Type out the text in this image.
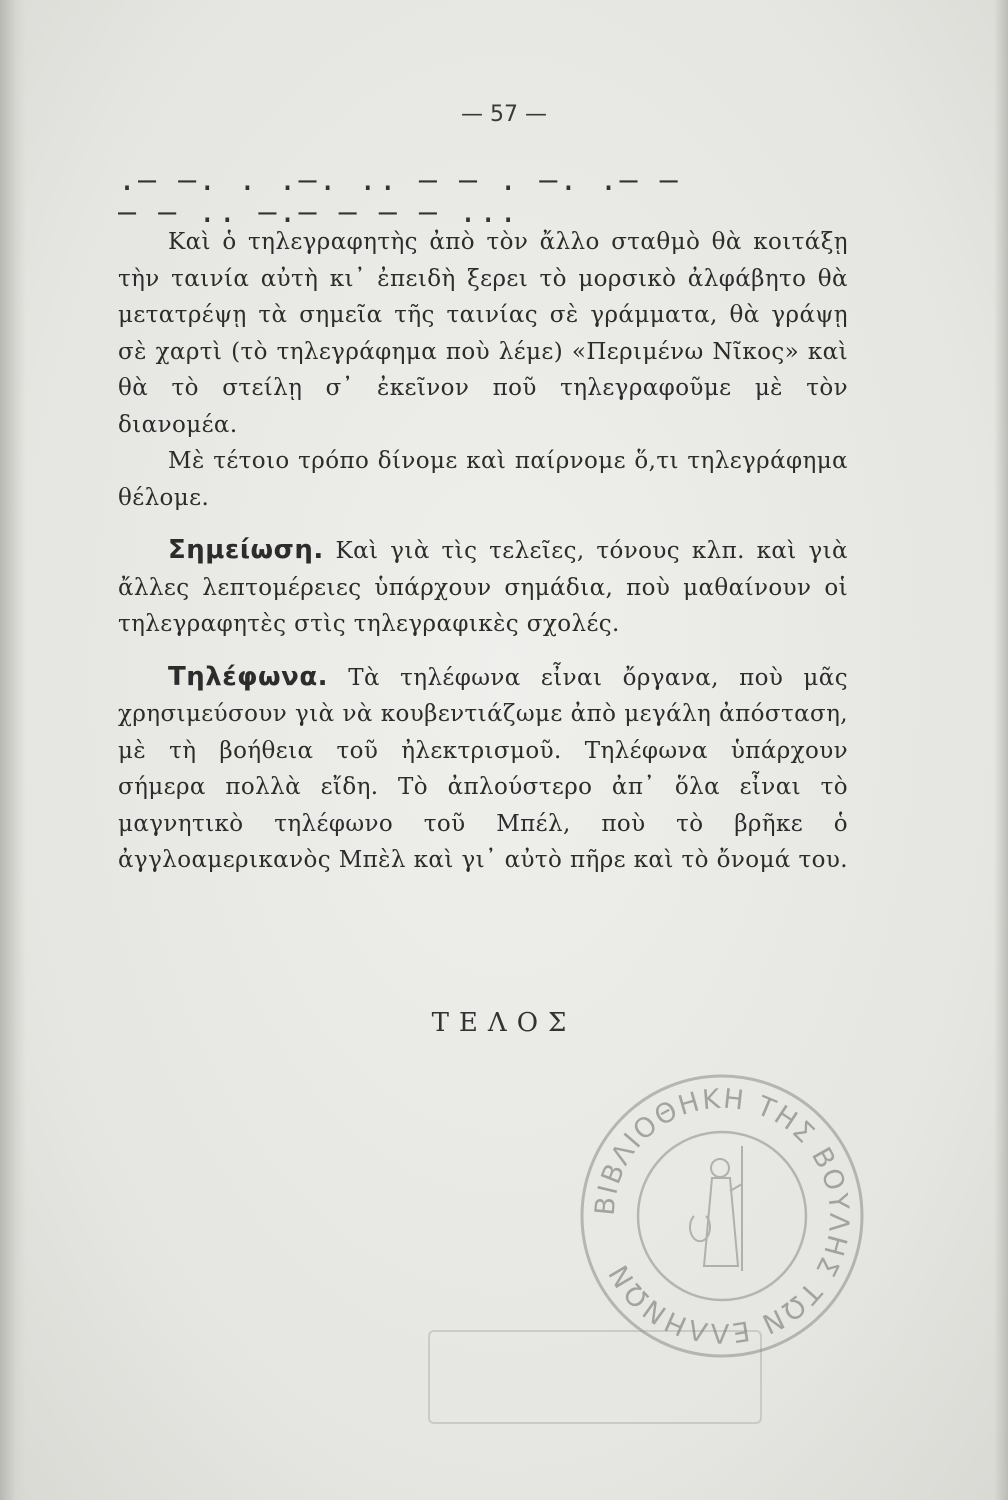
— 57 —
.— —. . .—. .. — — . —. .— —
— — .. —.— — — — ...

Καὶ ὁ τηλεγραφητὴς ἀπὸ τὸν ἄλλο σταθμὸ θὰ κοιτάξῃ τὴν ταινία αὐτὴ κι᾽ ἐπειδὴ ξερει τὸ μορσικὸ ἀλφάβητο θὰ μετατρέψῃ τὰ σημεῖα τῆς ταινίας σὲ γράμματα, θὰ γράψῃ σὲ χαρτὶ (τὸ τηλεγράφημα ποὺ λέμε) «Περιμένω Νῖκος» καὶ θὰ τὸ στείλῃ σ᾽ ἐκεῖνον ποῦ τηλεγραφοῦμε μὲ τὸν διανομέα.

Μὲ τέτοιο τρόπο δίνομε καὶ παίρνομε ὅ,τι τηλεγράφημα θέλομε.

Σημείωση. Καὶ γιὰ τὶς τελεῖες, τόνους κλπ. καὶ γιὰ ἄλλες λεπτομέρειες ὑπάρχουν σημάδια, ποὺ μαθαίνουν οἱ τηλεγραφητὲς στὶς τηλεγραφικὲς σχολές.

Τηλέφωνα. Τὰ τηλέφωνα εἶναι ὄργανα, ποὺ μᾶς χρησιμεύσουν γιὰ νὰ κουβεντιάζωμε ἀπὸ μεγάλη ἀπόσταση, μὲ τὴ βοήθεια τοῦ ἠλεκτρισμοῦ. Τηλέφωνα ὑπάρχουν σήμερα πολλὰ εἴδη. Τὸ ἀπλούστερο ἀπ᾽ ὅλα εἶναι τὸ μαγνητικὸ τηλέφωνο τοῦ Μπέλ, ποὺ τὸ βρῆκε ὁ ἀγγλοαμερικανὸς Μπὲλ καὶ γι᾽ αὐτὸ πῆρε καὶ τὸ ὄνομά του.

ΤΕΛΟΣ
ΒΙΒΛΙΟΘΗΚΗ ΤΗΣ ΒΟΥΛΗΣ ΤΩΝ ΕΛΛΗΝΩΝ
